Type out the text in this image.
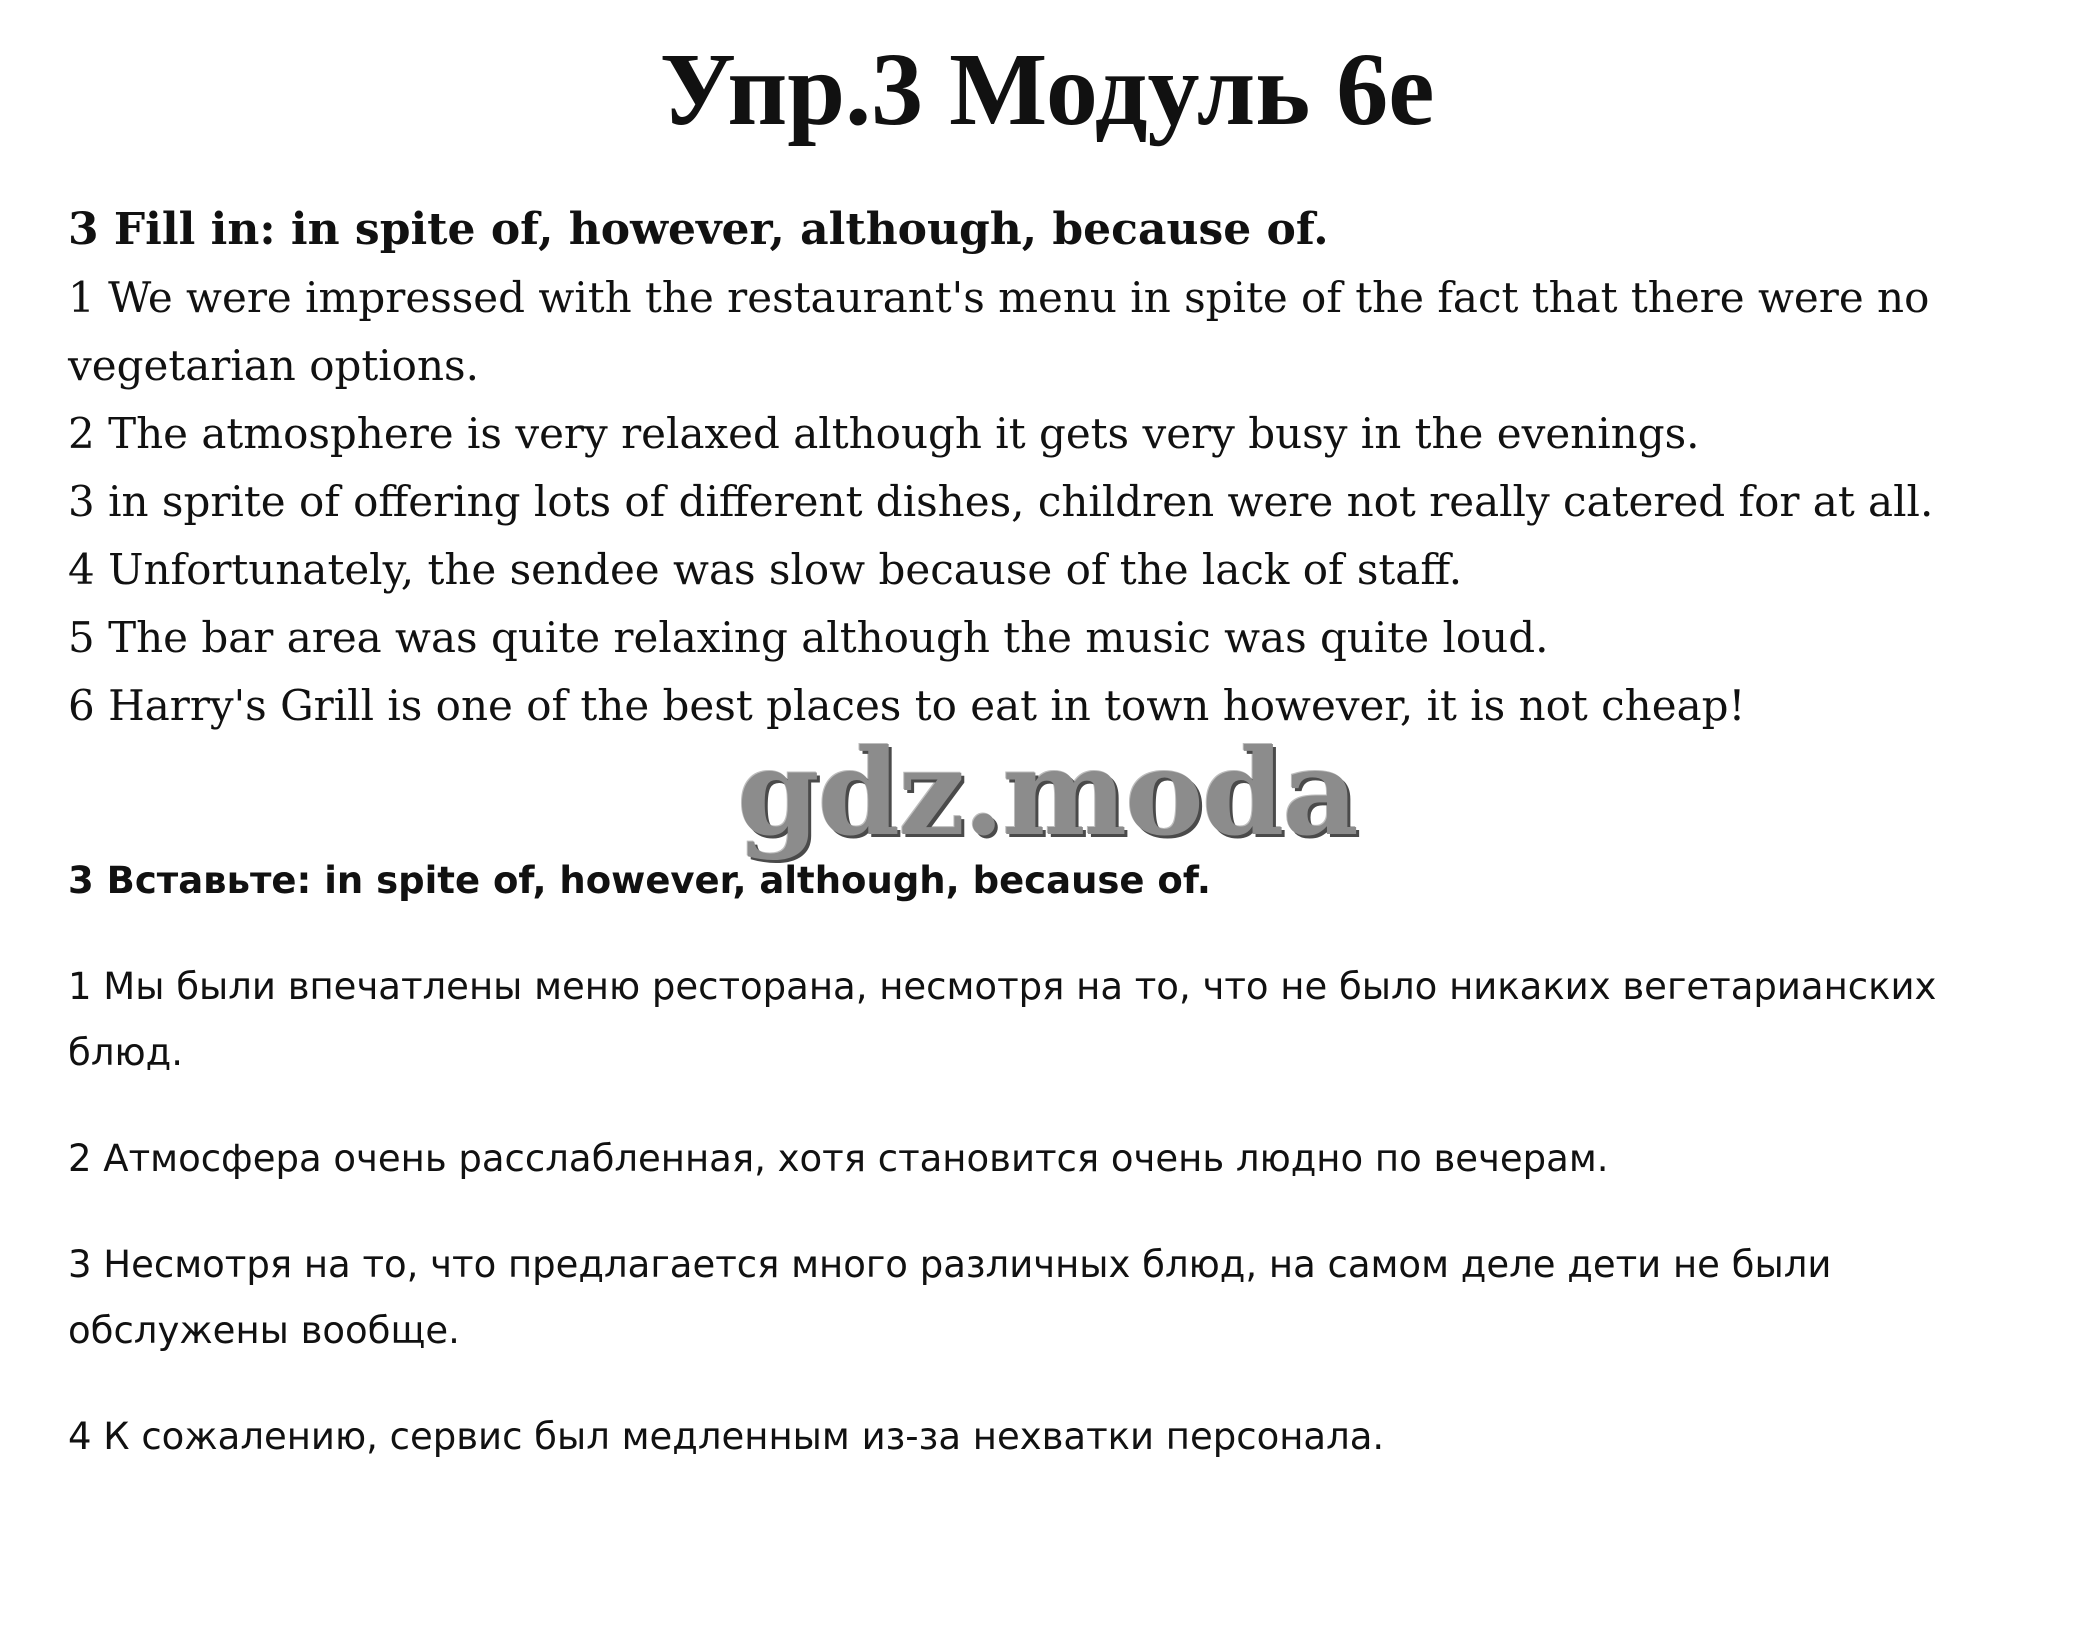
Упр.3 Модуль 6е

3 Fill in: in spite of, however, although, because of.

1 We were impressed with the restaurant's menu in spite of the fact that there were no vegetarian options.

2 The atmosphere is very relaxed although it gets very busy in the evenings.

3 in sprite of offering lots of different dishes, children were not really catered for at all.

4 Unfortunately, the sendee was slow because of the lack of staff.

5 The bar area was quite relaxing although the music was quite loud.

6 Harry's Grill is one of the best places to eat in town however, it is not cheap!

gdz.moda

3 Вставьте: in spite of, however, although, because of.

1 Мы были впечатлены меню ресторана, несмотря на то, что не было никаких вегетарианских блюд.

2 Атмосфера очень расслабленная, хотя становится очень людно по вечерам.

3 Несмотря на то, что предлагается много различных блюд, на самом деле дети не были обслужены вообще.

4 К сожалению, сервис был медленным из-за нехватки персонала.
